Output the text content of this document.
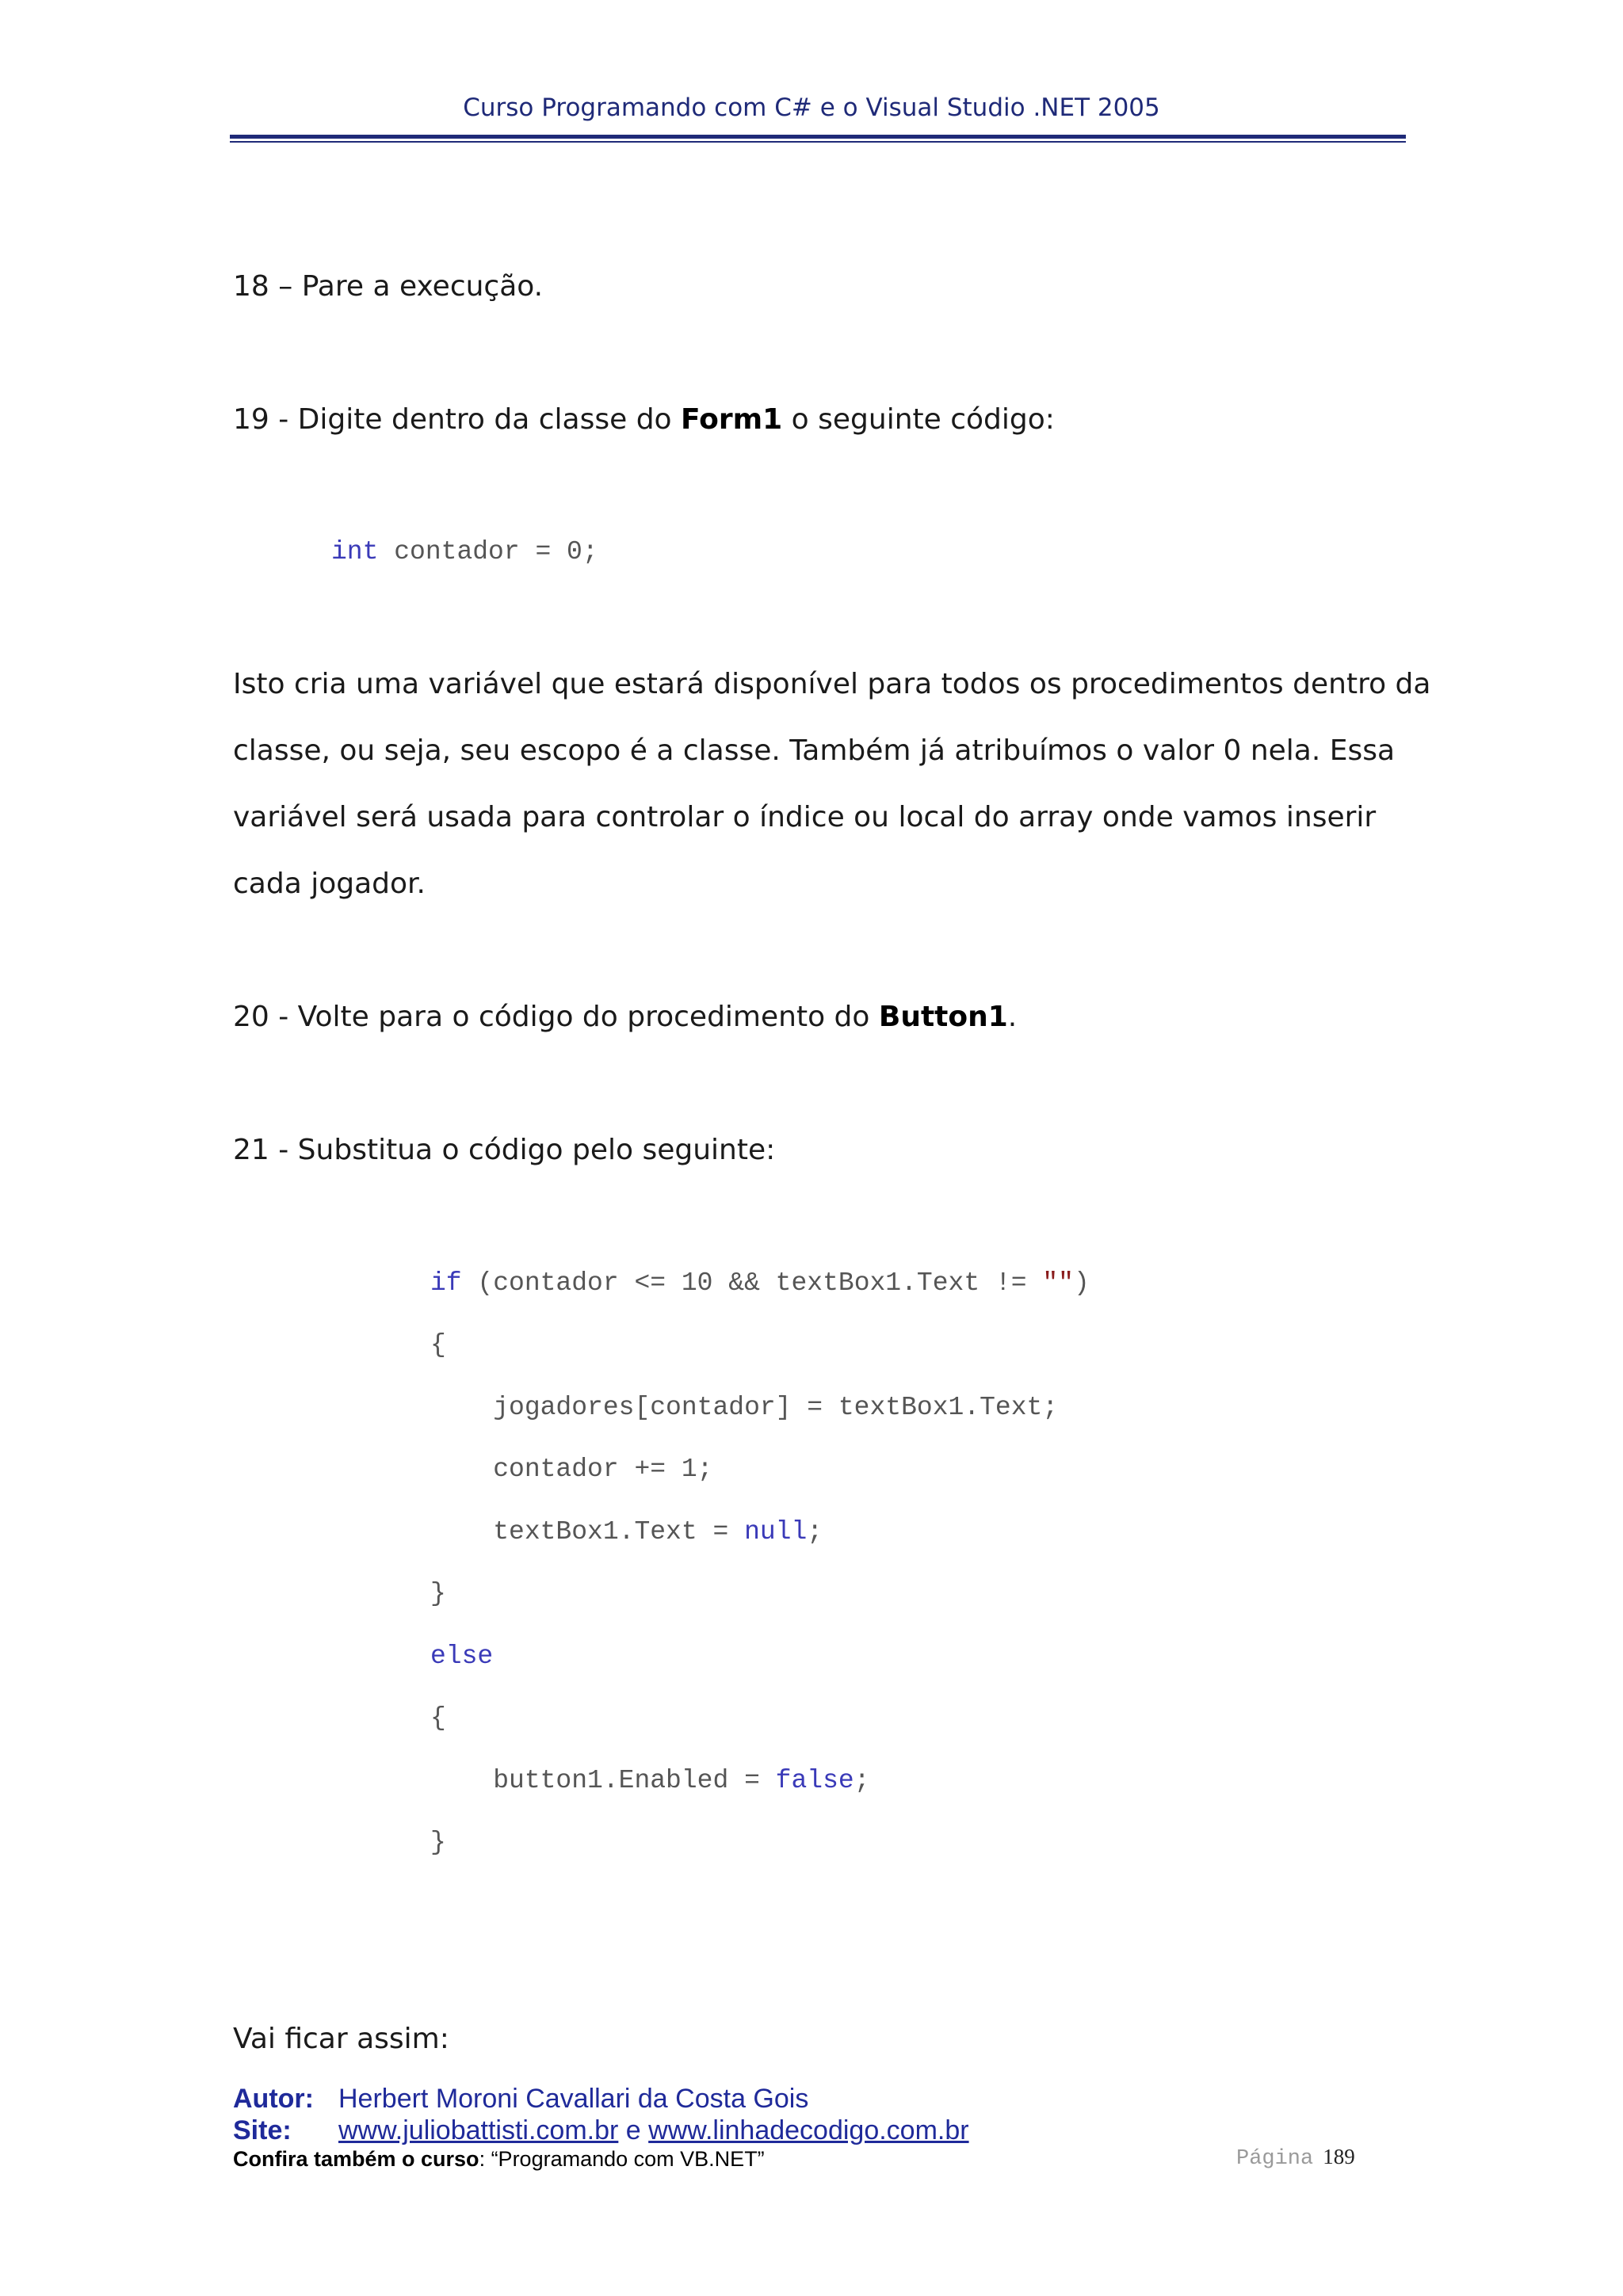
Curso Programando com C# e o Visual Studio .NET 2005
18 – Pare a execução.
19 - Digite dentro da classe do Form1 o seguinte código:
int contador = 0;
Isto cria uma variável que estará disponível para todos os procedimentos dentro da
classe, ou seja, seu escopo é a classe. Também já atribuímos o valor 0 nela. Essa
variável será usada para controlar o índice ou local do array onde vamos inserir
cada jogador.
20 - Volte para o código do procedimento do Button1.
21 - Substitua o código pelo seguinte:
if (contador <= 10 && textBox1.Text != "")
{
jogadores[contador] = textBox1.Text;
contador += 1;
textBox1.Text = null;
}
else
{
button1.Enabled = false;
}
Vai ficar assim:
Autor: Herbert Moroni Cavallari da Costa Gois
Site: www.juliobattisti.com.br e www.linhadecodigo.com.br
Confira também o curso: “Programando com VB.NET”	Página 189
